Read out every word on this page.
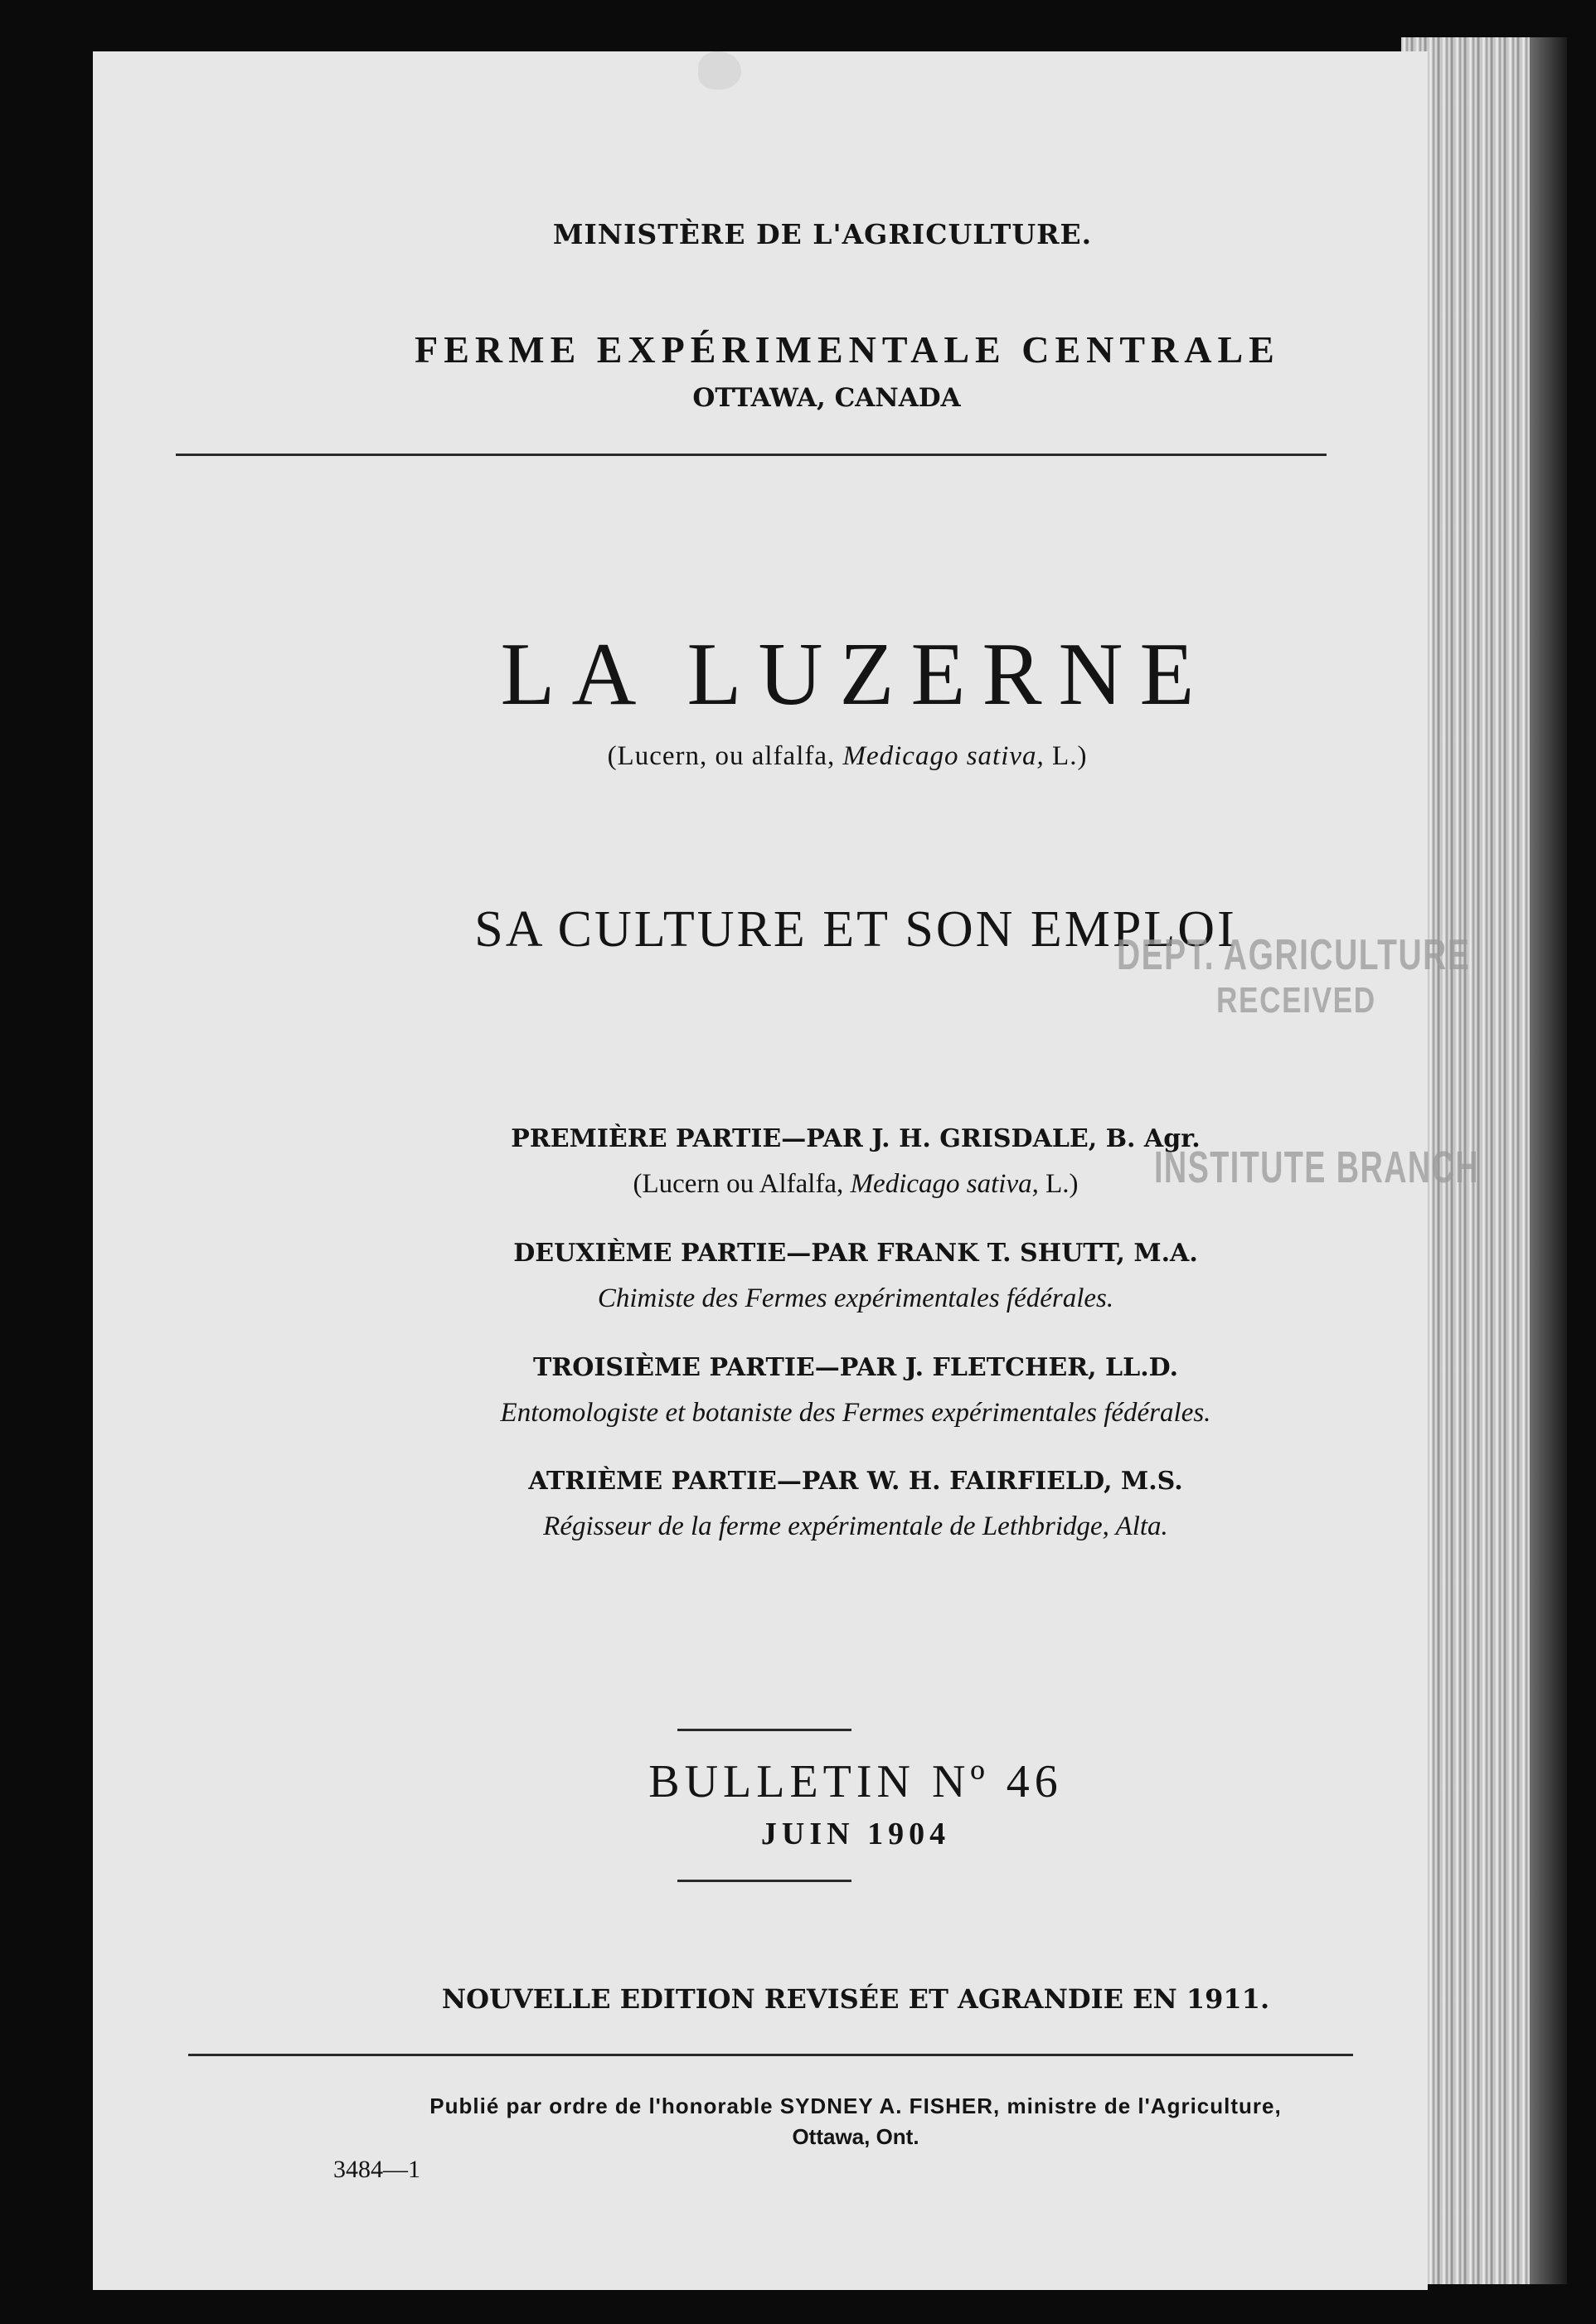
MINISTÈRE DE L'AGRICULTURE.
FERME EXPÉRIMENTALE CENTRALE
OTTAWA, CANADA
LA LUZERNE
(Lucern, ou alfalfa, Medicago sativa, L.)
SA CULTURE ET SON EMPLOI
DEPT. AGRICULTURE
RECEIVED
INSTITUTE BRANCH
PREMIÈRE PARTIE—PAR J. H. GRISDALE, B. Agr.
(Lucern ou Alfalfa, Medicago sativa, L.)
DEUXIÈME PARTIE—PAR FRANK T. SHUTT, M.A.
Chimiste des Fermes expérimentales fédérales.
TROISIÈME PARTIE—PAR J. FLETCHER, LL.D.
Entomologiste et botaniste des Fermes expérimentales fédérales.
ATRIÈME PARTIE—PAR W. H. FAIRFIELD, M.S.
Régisseur de la ferme expérimentale de Lethbridge, Alta.
BULLETIN Nº 46
JUIN 1904
NOUVELLE EDITION REVISÉE ET AGRANDIE EN 1911.
Publié par ordre de l'honorable SYDNEY A. FISHER, ministre de l'Agriculture,
Ottawa, Ont.
3484—1
